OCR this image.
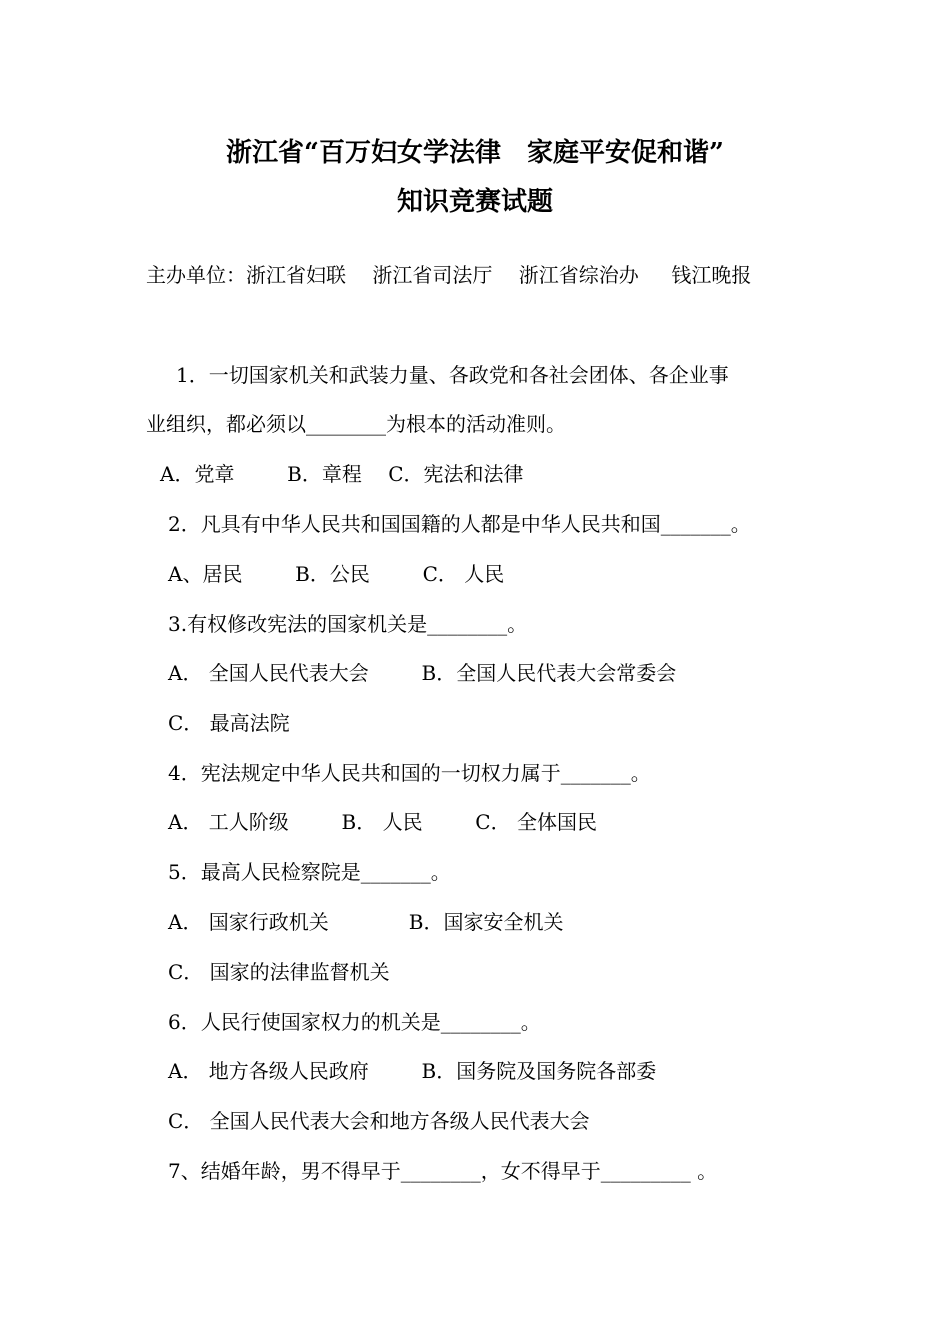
浙江省“百万妇女学法律　家庭平安促和谐”
知识竞赛试题
主办单位：浙江省妇联　 浙江省司法厅　 浙江省综治办　  钱江晚报
1．一切国家机关和武装力量、各政党和各社会团体、各企业事
业组织，都必须以________为根本的活动准则。
A．党章　　  B．章程　 C．宪法和法律
2．凡具有中华人民共和国国籍的人都是中华人民共和国_______。
A、居民　　  B．公民　　  C． 人民
3.有权修改宪法的国家机关是________。
A． 全国人民代表大会　　  B．全国人民代表大会常委会
C． 最高法院
4．宪法规定中华人民共和国的一切权力属于_______。
A． 工人阶级　　  B． 人民　　  C． 全体国民
5．最高人民检察院是_______。
A． 国家行政机关　　　　B．国家安全机关
C． 国家的法律监督机关
6．人民行使国家权力的机关是________。
A． 地方各级人民政府　　  B．国务院及国务院各部委
C． 全国人民代表大会和地方各级人民代表大会
7、结婚年龄，男不得早于________，女不得早于_________ 。
